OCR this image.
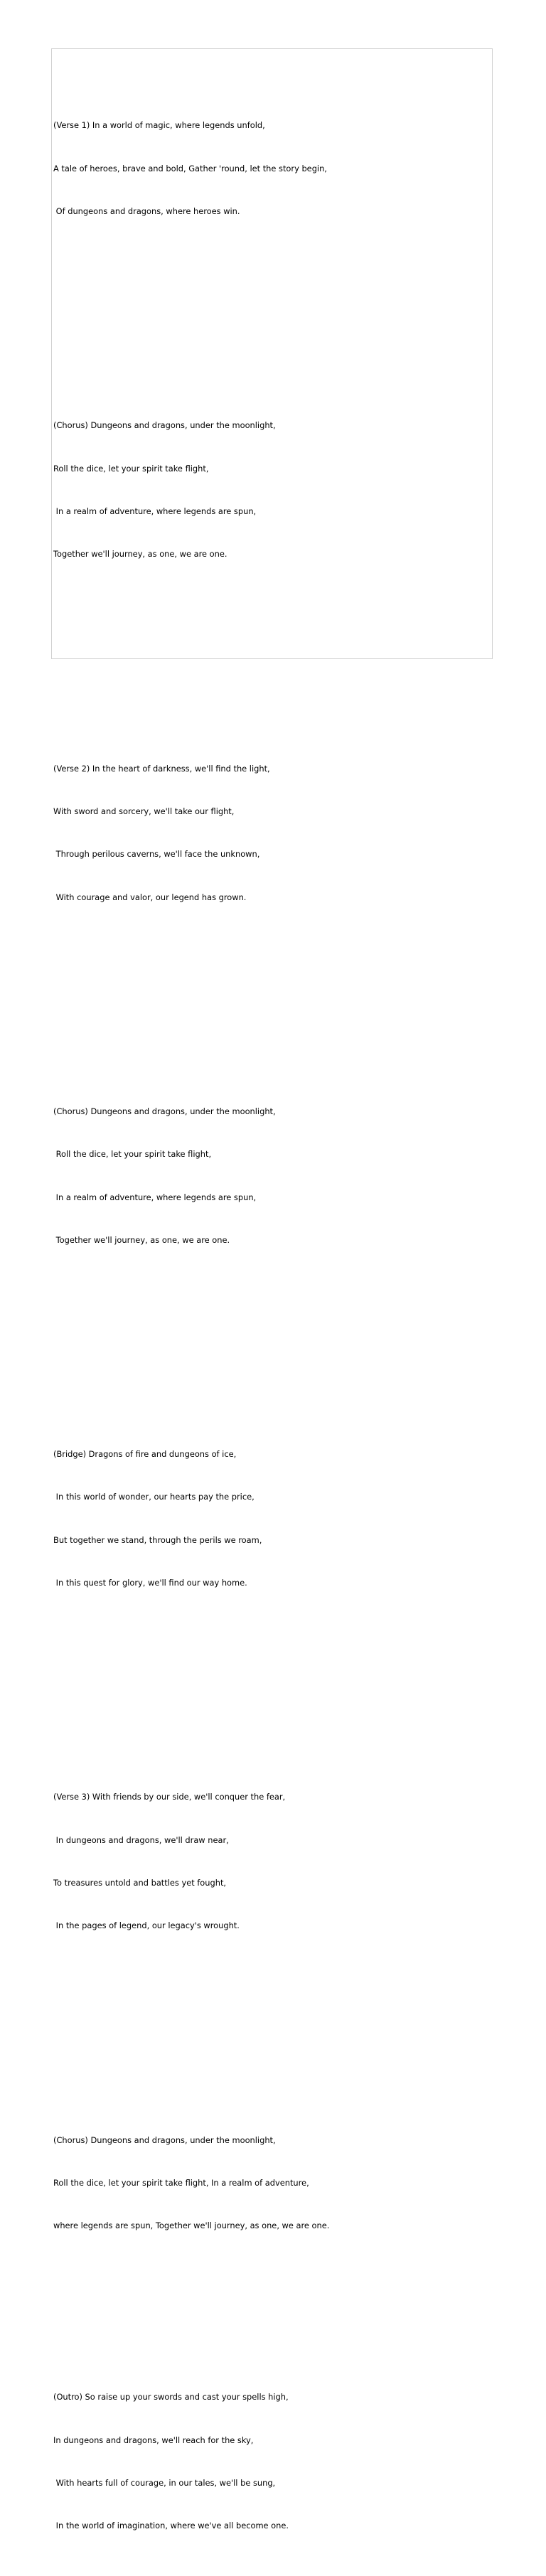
(Verse 1) In a world of magic, where legends unfold,

A tale of heroes, brave and bold, Gather 'round, let the story begin,

Of dungeons and dragons, where heroes win.

(Chorus) Dungeons and dragons, under the moonlight,

Roll the dice, let your spirit take flight,

In a realm of adventure, where legends are spun,

Together we'll journey, as one, we are one.

(Verse 2) In the heart of darkness, we'll find the light,

With sword and sorcery, we'll take our flight,

Through perilous caverns, we'll face the unknown,

With courage and valor, our legend has grown.

(Chorus) Dungeons and dragons, under the moonlight,

Roll the dice, let your spirit take flight,

In a realm of adventure, where legends are spun,

Together we'll journey, as one, we are one.

(Bridge) Dragons of fire and dungeons of ice,

In this world of wonder, our hearts pay the price,

But together we stand, through the perils we roam,

In this quest for glory, we'll find our way home.

(Verse 3) With friends by our side, we'll conquer the fear,

In dungeons and dragons, we'll draw near,

To treasures untold and battles yet fought,

In the pages of legend, our legacy's wrought.

(Chorus) Dungeons and dragons, under the moonlight,

Roll the dice, let your spirit take flight, In a realm of adventure,

where legends are spun, Together we'll journey, as one, we are one.

(Outro) So raise up your swords and cast your spells high,

In dungeons and dragons, we'll reach for the sky,

With hearts full of courage, in our tales, we'll be sung,

In the world of imagination, where we've all become one.
